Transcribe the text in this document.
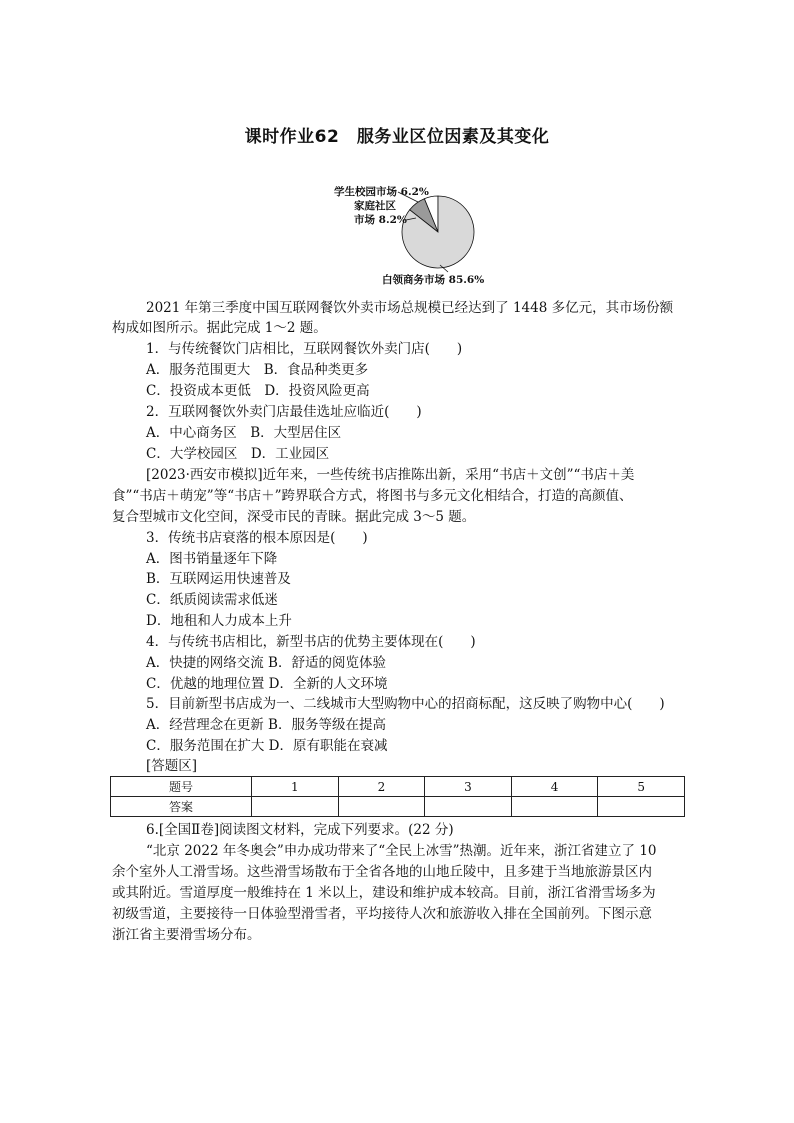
课时作业62　服务业区位因素及其变化
学生校园市场 6.2%
家庭社区
市场 8.2%
白领商务市场 85.6%
2021 年第三季度中国互联网餐饮外卖市场总规模已经达到了 1448 多亿元，其市场份额
构成如图所示。据此完成 1～2 题。
1．与传统餐饮门店相比，互联网餐饮外卖门店(　　)
A．服务范围更大　B．食品种类更多
C．投资成本更低　D．投资风险更高
2．互联网餐饮外卖门店最佳选址应临近(　　)
A．中心商务区　B．大型居住区
C．大学校园区　D．工业园区
[2023·西安市模拟]近年来，一些传统书店推陈出新，采用“书店＋文创”“书店＋美
食”“书店＋萌宠”等“书店＋”跨界联合方式，将图书与多元文化相结合，打造的高颜值、
复合型城市文化空间，深受市民的青睐。据此完成 3～5 题。
3．传统书店衰落的根本原因是(　　)
A．图书销量逐年下降
B．互联网运用快速普及
C．纸质阅读需求低迷
D．地租和人力成本上升
4．与传统书店相比，新型书店的优势主要体现在(　　)
A．快捷的网络交流 B．舒适的阅览体验
C．优越的地理位置 D．全新的人文环境
5．目前新型书店成为一、二线城市大型购物中心的招商标配，这反映了购物中心(　　)
A．经营理念在更新 B．服务等级在提高
C．服务范围在扩大 D．原有职能在衰减
[答题区]
题号	1	2	3	4	5
答案					
6.[全国Ⅱ卷]阅读图文材料，完成下列要求。(22 分)
“北京 2022 年冬奥会”申办成功带来了“全民上冰雪”热潮。近年来，浙江省建立了 10
余个室外人工滑雪场。这些滑雪场散布于全省各地的山地丘陵中，且多建于当地旅游景区内
或其附近。雪道厚度一般维持在 1 米以上，建设和维护成本较高。目前，浙江省滑雪场多为
初级雪道，主要接待一日体验型滑雪者，平均接待人次和旅游收入排在全国前列。下图示意
浙江省主要滑雪场分布。
